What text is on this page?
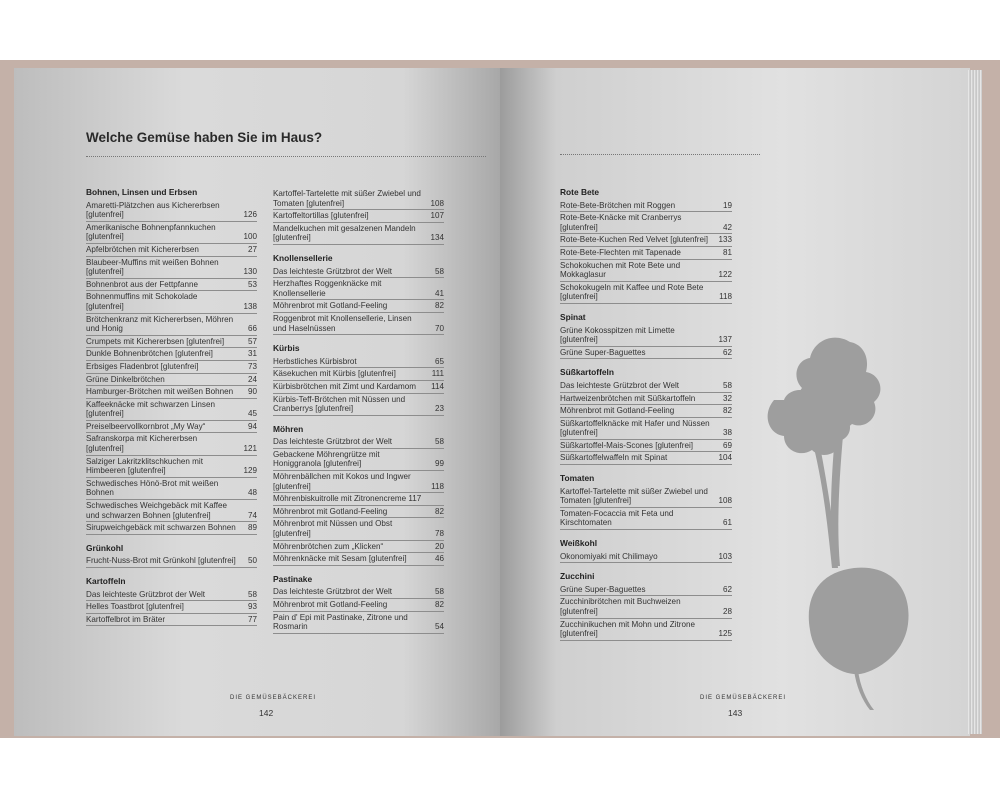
Welche Gemüse haben Sie im Haus?
Bohnen, Linsen und Erbsen
Amaretti-Plätzchen aus Kichererbsen [glutenfrei]	126
Amerikanische Bohnenpfannkuchen [glutenfrei]	100
Apfelbrötchen mit Kichererbsen	27
Blaubeer-Muffins mit weißen Bohnen [glutenfrei]	130
Bohnenbrot aus der Fettpfanne	53
Bohnenmuffins mit Schokolade [glutenfrei]	138
Brötchenkranz mit Kichererbsen, Möhren und Honig	66
Crumpets mit Kichererbsen [glutenfrei]	57
Dunkle Bohnenbrötchen [glutenfrei]	31
Erbsiges Fladenbrot [glutenfrei]	73
Grüne Dinkelbrötchen	24
Hamburger-Brötchen mit weißen Bohnen	90
Kaffeeknäcke mit schwarzen Linsen [glutenfrei]	45
Preiselbeervollkornbrot „My Way“	94
Safranskorpa mit Kichererbsen [glutenfrei]	121
Salziger Lakritzklitschkuchen mit Himbeeren [glutenfrei]	129
Schwedisches Hönö-Brot mit weißen Bohnen	48
Schwedisches Weichgebäck mit Kaffee und schwarzen Bohnen [glutenfrei]	74
Sirupweichgebäck mit schwarzen Bohnen	89
Grünkohl
Frucht-Nuss-Brot mit Grünkohl [glutenfrei]	50
Kartoffeln
Das leichteste Grützbrot der Welt	58
Helles Toastbrot [glutenfrei]	93
Kartoffelbrot im Bräter	77
Kartoffel-Tartelette mit süßer Zwiebel und Tomaten [glutenfrei]	108
Kartoffeltortillas [glutenfrei]	107
Mandelkuchen mit gesalzenen Mandeln [glutenfrei]	134
Knollensellerie
Das leichteste Grützbrot der Welt	58
Herzhaftes Roggenknäcke mit Knollensellerie	41
Möhrenbrot mit Gotland-Feeling	82
Roggenbrot mit Knollensellerie, Linsen und Haselnüssen	70
Kürbis
Herbstliches Kürbisbrot	65
Käsekuchen mit Kürbis [glutenfrei]	111
Kürbisbrötchen mit Zimt und Kardamom	114
Kürbis-Teff-Brötchen mit Nüssen und Cranberrys [glutenfrei]	23
Möhren
Das leichteste Grützbrot der Welt	58
Gebackene Möhrengrütze mit Honiggranola [glutenfrei]	99
Möhrenbällchen mit Kokos und Ingwer [glutenfrei]	118
Möhrenbiskuitrolle mit Zitronencreme 117
Möhrenbrot mit Gotland-Feeling	82
Möhrenbrot mit Nüssen und Obst [glutenfrei]	78
Möhrenbrötchen zum „Klicken“	20
Möhrenknäcke mit Sesam [glutenfrei]	46
Pastinake
Das leichteste Grützbrot der Welt	58
Möhrenbrot mit Gotland-Feeling	82
Pain d' Epi mit Pastinake, Zitrone und Rosmarin	54
DIE GEMÜSEBÄCKEREI
142
Rote Bete
Rote-Bete-Brötchen mit Roggen	19
Rote-Bete-Knäcke mit Cranberrys [glutenfrei]	42
Rote-Bete-Kuchen Red Velvet [glutenfrei]	133
Rote-Bete-Flechten mit Tapenade	81
Schokokuchen mit Rote Bete und Mokkaglasur	122
Schokokugeln mit Kaffee und Rote Bete [glutenfrei]	118
Spinat
Grüne Kokosspitzen mit Limette [glutenfrei]	137
Grüne Super-Baguettes	62
Süßkartoffeln
Das leichteste Grützbrot der Welt	58
Hartweizenbrötchen mit Süßkartoffeln	32
Möhrenbrot mit Gotland-Feeling	82
Süßkartoffelknäcke mit Hafer und Nüssen [glutenfrei]	38
Süßkartoffel-Mais-Scones [glutenfrei]	69
Süßkartoffelwaffeln mit Spinat	104
Tomaten
Kartoffel-Tartelette mit süßer Zwiebel und Tomaten [glutenfrei]	108
Tomaten-Focaccia mit Feta und Kirschtomaten	61
Weißkohl
Okonomiyaki mit Chilimayo	103
Zucchini
Grüne Super-Baguettes	62
Zucchinibrötchen mit Buchweizen [glutenfrei]	28
Zucchinikuchen mit Mohn und Zitrone [glutenfrei]	125
DIE GEMÜSEBÄCKEREI
143
